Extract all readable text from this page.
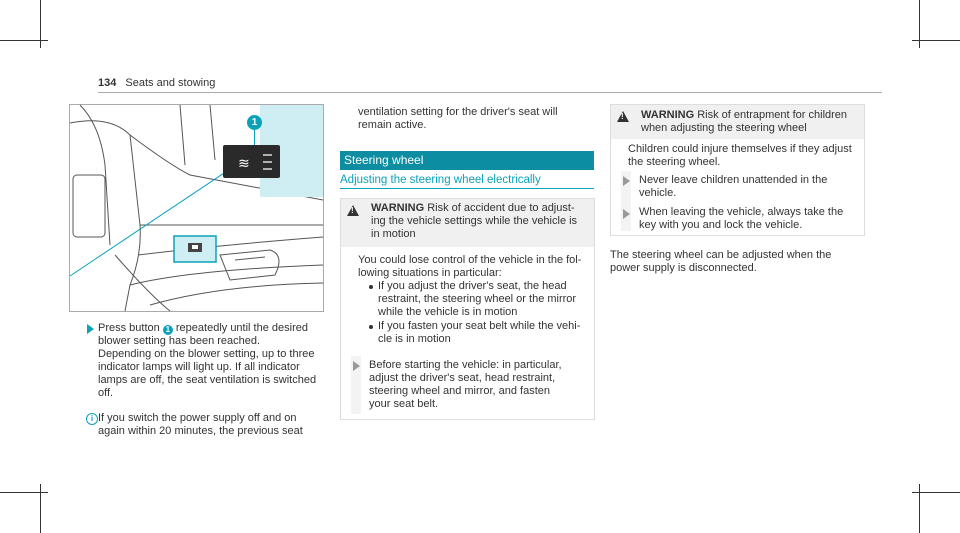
134 Seats and stowing
≋
1
Press button 1 repeatedly until the desired
blower setting has been reached.
Depending on the blower setting, up to three
indicator lamps will light up. If all indicator
lamps are off, the seat ventilation is switched
off.
i If you switch the power supply off and on
again within 20 minutes, the previous seat
ventilation setting for the driver's seat will
remain active.
Steering wheel
Adjusting the steering wheel electrically
!
WARNING Risk of accident due to adjust-
ing the vehicle settings while the vehicle is
in motion
You could lose control of the vehicle in the fol-
lowing situations in particular:
If you adjust the driver's seat, the head
restraint, the steering wheel or the mirror
while the vehicle is in motion
If you fasten your seat belt while the vehi-
cle is in motion
Before starting the vehicle: in particular,
adjust the driver's seat, head restraint,
steering wheel and mirror, and fasten
your seat belt.
!
WARNING Risk of entrapment for children
when adjusting the steering wheel
Children could injure themselves if they adjust
the steering wheel.
Never leave children unattended in the
vehicle.
When leaving the vehicle, always take the
key with you and lock the vehicle.
The steering wheel can be adjusted when the
power supply is disconnected.
